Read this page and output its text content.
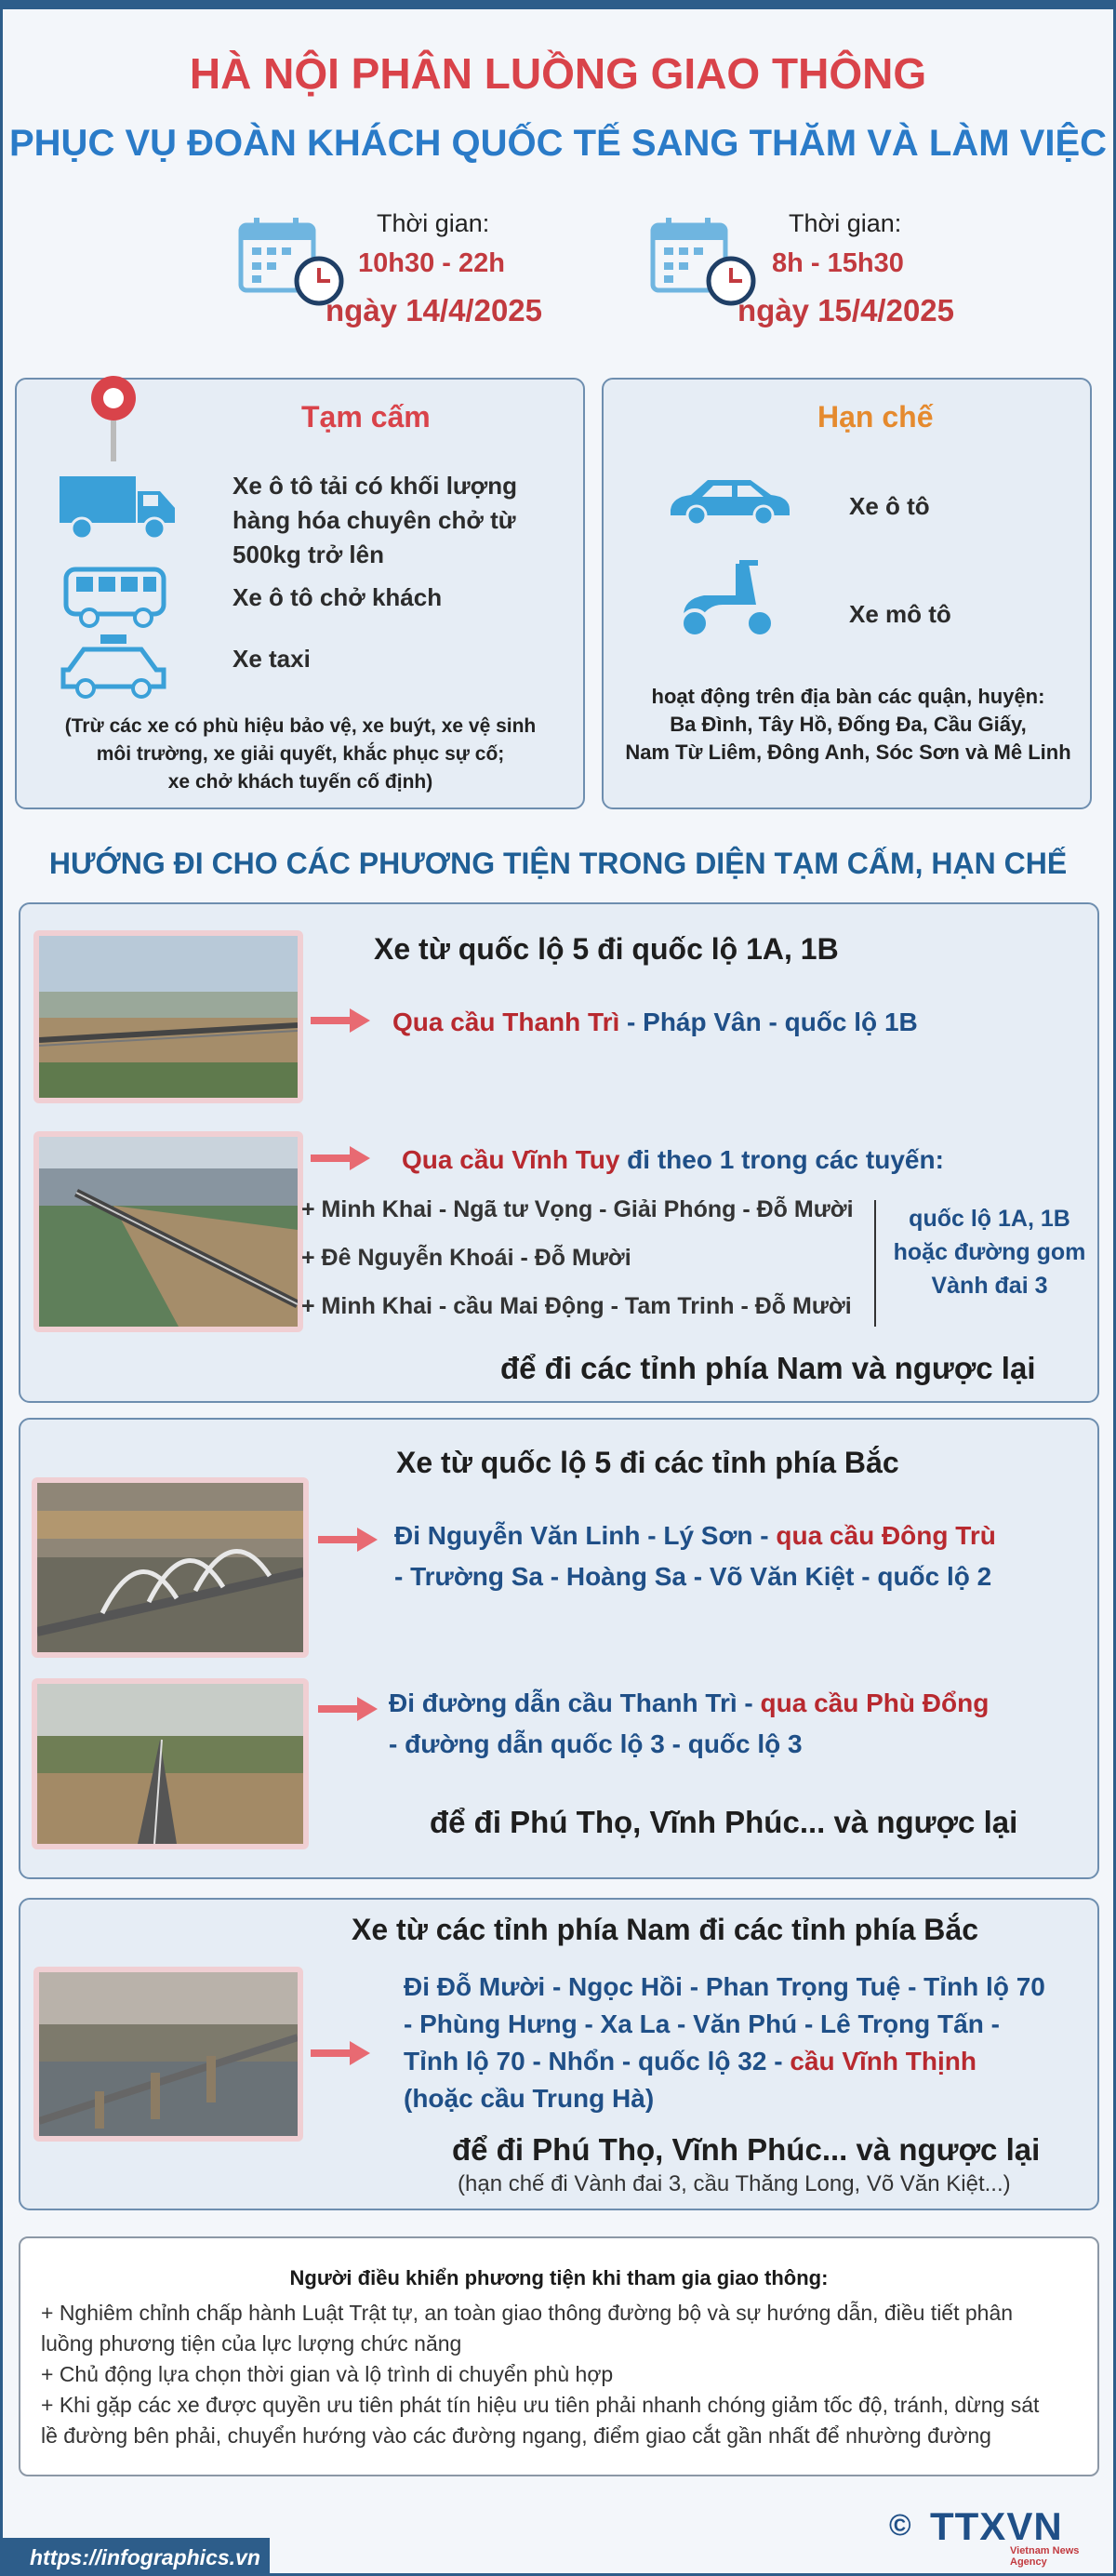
HÀ NỘI PHÂN LUỒNG GIAO THÔNG
PHỤC VỤ ĐOÀN KHÁCH QUỐC TẾ SANG THĂM VÀ LÀM VIỆC
Thời gian:
10h30 - 22h
ngày 14/4/2025
Thời gian:
8h - 15h30
ngày 15/4/2025
Tạm cấm
Xe ô tô tải có khối lượng hàng hóa chuyên chở từ 500kg trở lên
Xe ô tô chở khách
Xe taxi
(Trừ các xe có phù hiệu bảo vệ, xe buýt, xe vệ sinh
môi trường, xe giải quyết, khắc phục sự cố;
xe chở khách tuyến cố định)
Hạn chế
Xe ô tô
Xe mô tô
hoạt động trên địa bàn các quận, huyện:
Ba Đình, Tây Hồ, Đống Đa, Cầu Giấy,
Nam Từ Liêm, Đông Anh, Sóc Sơn và Mê Linh
HƯỚNG ĐI CHO CÁC PHƯƠNG TIỆN TRONG DIỆN TẠM CẤM, HẠN CHẾ
Xe từ quốc lộ 5 đi quốc lộ 1A, 1B
Qua cầu Thanh Trì - Pháp Vân - quốc lộ 1B
Qua cầu Vĩnh Tuy đi theo 1 trong các tuyến:
+ Minh Khai - Ngã tư Vọng - Giải Phóng - Đỗ Mười
+ Đê Nguyễn Khoái - Đỗ Mười
+ Minh Khai - cầu Mai Động - Tam Trinh - Đỗ Mười
quốc lộ 1A, 1B
hoặc đường gom
Vành đai 3
để đi các tỉnh phía Nam và ngược lại
Xe từ quốc lộ 5 đi các tỉnh phía Bắc
Đi Nguyễn Văn Linh - Lý Sơn - qua cầu Đông Trù
- Trường Sa - Hoàng Sa - Võ Văn Kiệt - quốc lộ 2
Đi đường dẫn cầu Thanh Trì - qua cầu Phù Đổng
- đường dẫn quốc lộ 3 - quốc lộ 3
để đi Phú Thọ, Vĩnh Phúc... và ngược lại
Xe từ các tỉnh phía Nam đi các tỉnh phía Bắc
Đi Đỗ Mười - Ngọc Hồi - Phan Trọng Tuệ - Tỉnh lộ 70
- Phùng Hưng - Xa La - Văn Phú - Lê Trọng Tấn -
Tỉnh lộ 70 - Nhổn - quốc lộ 32 - cầu Vĩnh Thịnh
(hoặc cầu Trung Hà)
để đi Phú Thọ, Vĩnh Phúc... và ngược lại
(hạn chế đi Vành đai 3, cầu Thăng Long, Võ Văn Kiệt...)
Người điều khiển phương tiện khi tham gia giao thông:
+ Nghiêm chỉnh chấp hành Luật Trật tự, an toàn giao thông đường bộ và sự hướng dẫn, điều tiết phân
luồng phương tiện của lực lượng chức năng
+ Chủ động lựa chọn thời gian và lộ trình di chuyển phù hợp
+ Khi gặp các xe được quyền ưu tiên phát tín hiệu ưu tiên phải nhanh chóng giảm tốc độ, tránh, dừng sát
lề đường bên phải, chuyển hướng vào các đường ngang, điểm giao cắt gần nhất để nhường đường
https://infographics.vn
© TTXVN
Vietnam News Agency
